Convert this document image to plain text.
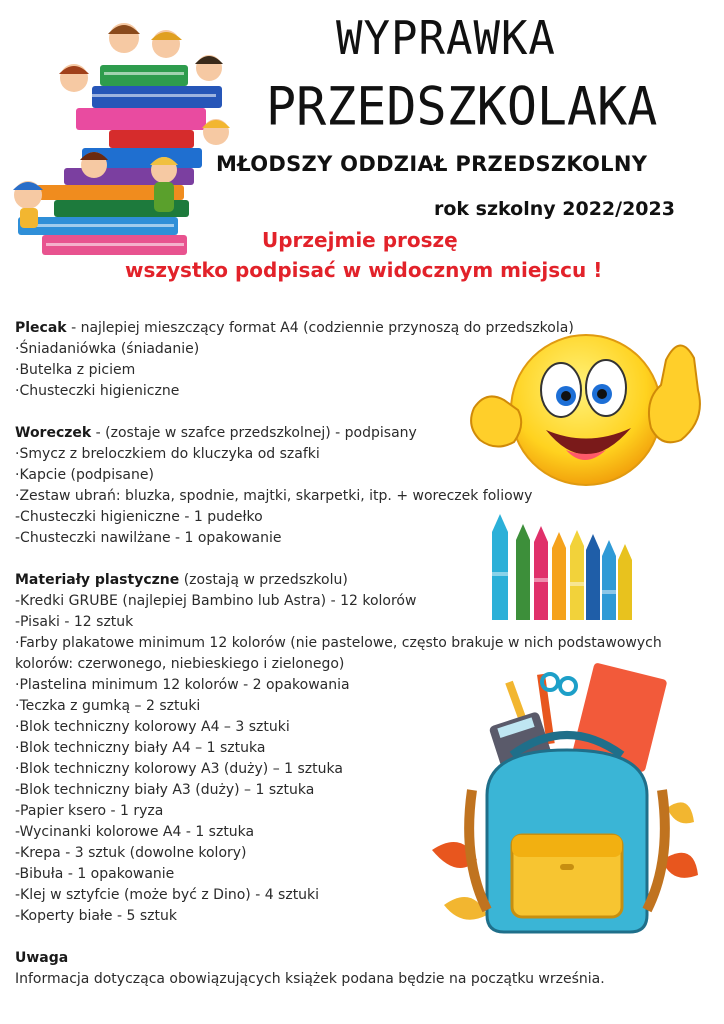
WYPRAWKA
PRZEDSZKOLAKA
MŁODSZY ODDZIAŁ PRZEDSZKOLNY
rok szkolny 2022/2023
Uprzejmie proszę
wszystko podpisać w widocznym miejscu !
Plecak - najlepiej mieszczący format A4 (codziennie przynoszą do przedszkola)
·Śniadaniówka (śniadanie)
·Butelka z piciem
·Chusteczki higieniczne
Woreczek - (zostaje w szafce przedszkolnej) - podpisany
·Smycz z breloczkiem do kluczyka od szafki
·Kapcie (podpisane)
·Zestaw ubrań: bluzka, spodnie, majtki, skarpetki, itp. + woreczek foliowy
-Chusteczki higieniczne - 1 pudełko
-Chusteczki nawilżane - 1 opakowanie
Materiały plastyczne (zostają w przedszkolu)
-Kredki GRUBE (najlepiej Bambino lub Astra) - 12 kolorów
-Pisaki - 12 sztuk
·Farby plakatowe minimum 12 kolorów (nie pastelowe, często brakuje w nich podstawowych
kolorów: czerwonego, niebieskiego i zielonego)
·Plastelina minimum 12 kolorów - 2 opakowania
·Teczka z gumką – 2 sztuki
·Blok techniczny kolorowy A4 – 3 sztuki
·Blok techniczny biały A4 – 1 sztuka
·Blok techniczny kolorowy A3 (duży) – 1 sztuka
-Blok techniczny biały A3 (duży) – 1 sztuka
-Papier ksero - 1 ryza
-Wycinanki kolorowe A4 - 1 sztuka
-Krepa - 3 sztuk (dowolne kolory)
-Bibuła - 1 opakowanie
-Klej w sztyfcie (może być z Dino) - 4 sztuki
-Koperty białe - 5 sztuk
Uwaga
Informacja dotycząca obowiązujących książek podana będzie na początku września.
